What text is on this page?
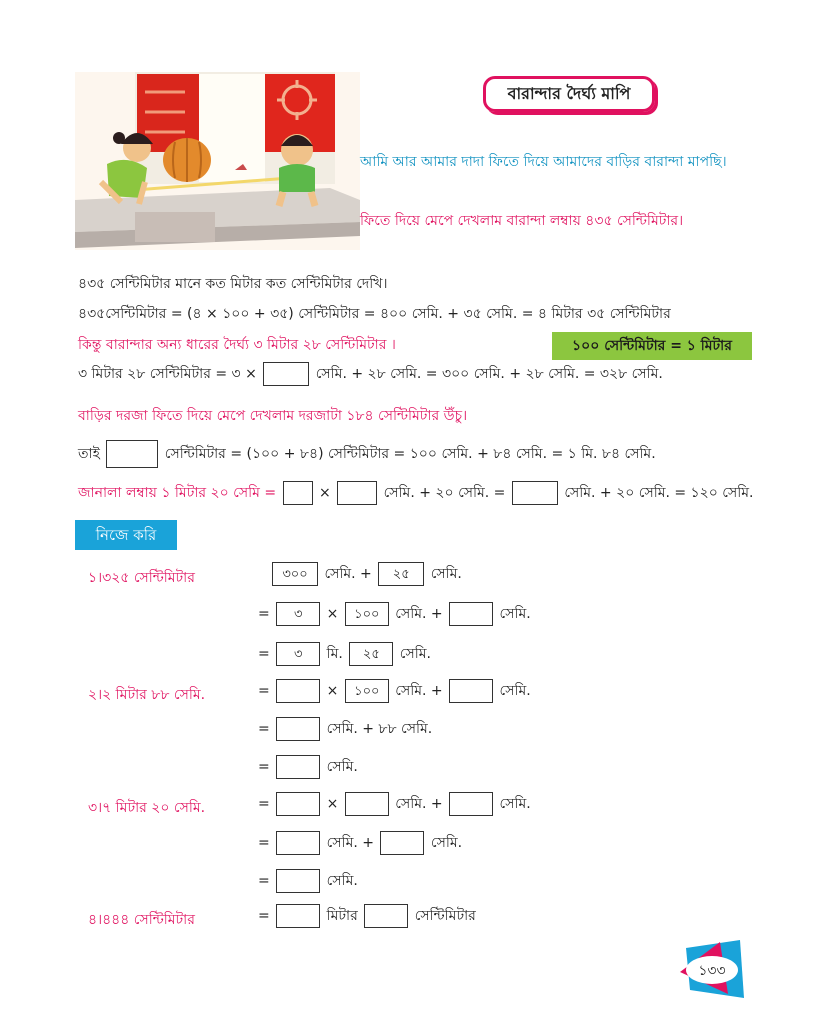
বারান্দার দৈর্ঘ্য মাপি
আমি আর আমার দাদা ফিতে দিয়ে আমাদের বাড়ির বারান্দা মাপছি।
ফিতে দিয়ে মেপে দেখলাম বারান্দা লম্বায় ৪৩৫ সেন্টিমিটার।
৪৩৫ সেন্টিমিটার মানে কত মিটার কত সেন্টিমিটার দেখি।
৪৩৫সেন্টিমিটার = (৪ × ১০০ + ৩৫) সেন্টিমিটার = ৪০০ সেমি. + ৩৫ সেমি. = ৪ মিটার ৩৫ সেন্টিমিটার
কিন্তু বারান্দার অন্য ধারের দৈর্ঘ্য ৩ মিটার ২৮ সেন্টিমিটার ।	১০০ সেন্টিমিটার = ১ মিটার
৩ মিটার ২৮ সেন্টিমিটার = ৩ ×	সেমি. + ২৮ সেমি. = ৩০০ সেমি. + ২৮ সেমি. = ৩২৮ সেমি.
বাড়ির দরজা ফিতে দিয়ে মেপে দেখলাম দরজাটা ১৮৪ সেন্টিমিটার উঁচু।
তাই	সেন্টিমিটার = (১০০ + ৮৪) সেন্টিমিটার = ১০০ সেমি. + ৮৪ সেমি. = ১ মি. ৮৪ সেমি.
জানালা লম্বায় ১ মিটার ২০ সেমি =	×	সেমি. + ২০ সেমি. =	সেমি. + ২০ সেমি. = ১২০ সেমি.
নিজে করি
১।৩২৫ সেন্টিমিটার	৩০০ সেমি. + ২৫ সেমি.
= ৩ × ১০০ সেমি. +	সেমি.
= ৩ মি. ২৫ সেমি.
২।২ মিটার ৮৮ সেমি.	=	× ১০০ সেমি. +	সেমি.
=	সেমি. + ৮৮ সেমি.
=	সেমি.
৩।৭ মিটার ২০ সেমি.	=	×	সেমি. +	সেমি.
=	সেমি. +	সেমি.
=	সেমি.
৪।৪৪৪ সেন্টিমিটার	=	মিটার	সেন্টিমিটার
১৩৩
